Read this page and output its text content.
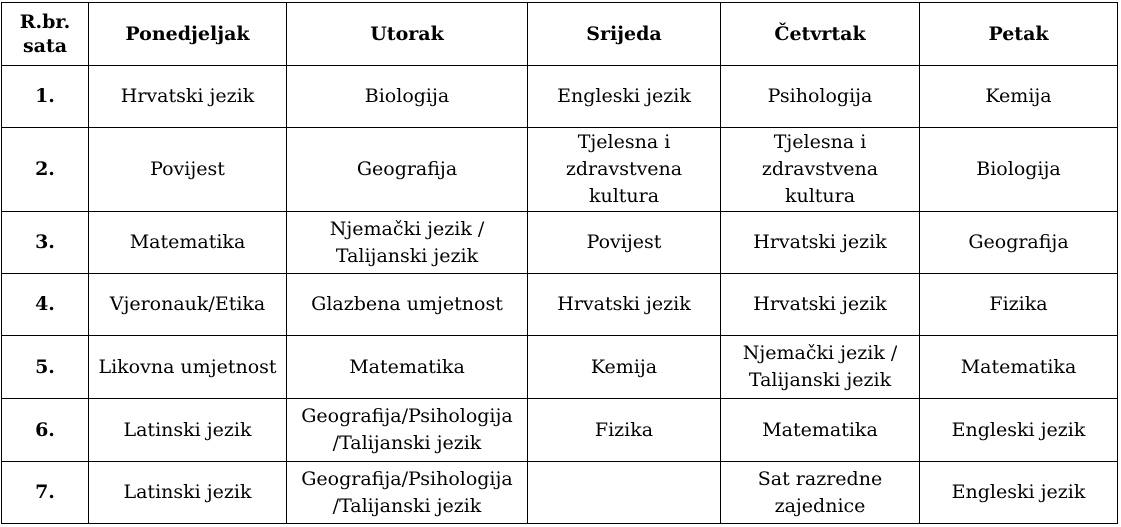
R.br. sata	Ponedjeljak	Utorak	Srijeda	Četvrtak	Petak
1.	Hrvatski jezik	Biologija	Engleski jezik	Psihologija	Kemija
2.	Povijest	Geografija	Tjelesna i zdravstvena kultura	Tjelesna i zdravstvena kultura	Biologija
3.	Matematika	Njemački jezik / Talijanski jezik	Povijest	Hrvatski jezik	Geografija
4.	Vjeronauk/Etika	Glazbena umjetnost	Hrvatski jezik	Hrvatski jezik	Fizika
5.	Likovna umjetnost	Matematika	Kemija	Njemački jezik / Talijanski jezik	Matematika
6.	Latinski jezik	Geografija/Psihologija /Talijanski jezik	Fizika	Matematika	Engleski jezik
7.	Latinski jezik	Geografija/Psihologija /Talijanski jezik		Sat razredne zajednice	Engleski jezik
